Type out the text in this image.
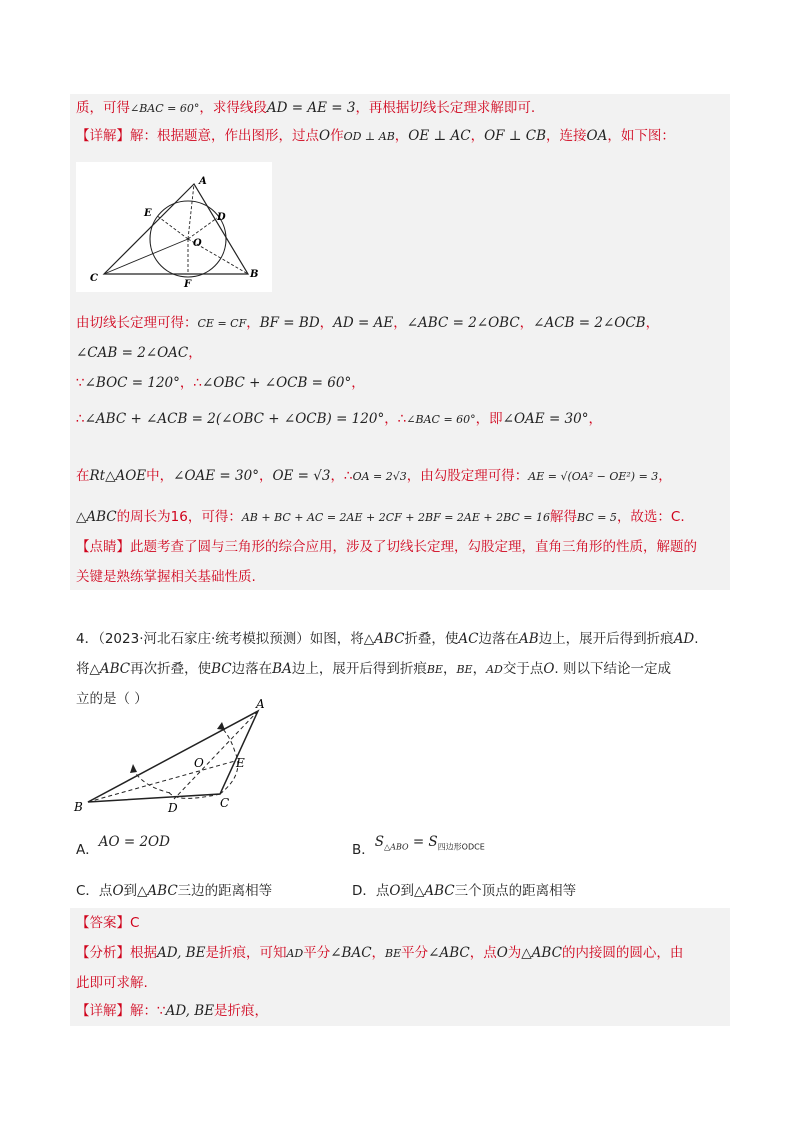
质，可得∠BAC = 60°，求得线段AD = AE = 3，再根据切线长定理求解即可.
【详解】解：根据题意，作出图形，过点O作OD ⊥ AB，OE ⊥ AC，OF ⊥ CB，连接OA，如下图：
A
B
C
D
E
F
O
由切线长定理可得：CE = CF，BF = BD，AD = AE，∠ABC = 2∠OBC，∠ACB = 2∠OCB，
∠CAB = 2∠OAC，
∵∠BOC = 120°，∴∠OBC + ∠OCB = 60°，
∴∠ABC + ∠ACB = 2(∠OBC + ∠OCB) = 120°，∴∠BAC = 60°，即∠OAE = 30°，
在Rt△AOE中，∠OAE = 30°，OE = √3，∴OA = 2√3，由勾股定理可得：AE = √(OA² − OE²) = 3，
△ABC的周长为16，可得：AB + BC + AC = 2AE + 2CF + 2BF = 2AE + 2BC = 16解得BC = 5，故选：C.
【点睛】此题考查了圆与三角形的综合应用，涉及了切线长定理，勾股定理，直角三角形的性质，解题的
关键是熟练掌握相关基础性质.
4．（2023·河北石家庄·统考模拟预测）如图，将△ABC折叠，使AC边落在AB边上，展开后得到折痕AD.
将△ABC再次折叠，使BC边落在BA边上，展开后得到折痕BE，BE，AD交于点O. 则以下结论一定成
立的是（ ）	A
B	C
D
E
O
A．AO = 2OD	B．$S_{\triangle ABO} = S_{四边形ODCE}$
C．点O到△ABC三边的距离相等	D．点O到△ABC三个顶点的距离相等
【答案】C
【分析】根据AD, BE是折痕，可知AD平分∠BAC，BE平分∠ABC，点O为△ABC的内接圆的圆心，由
此即可求解.
【详解】解：∵AD, BE是折痕，
